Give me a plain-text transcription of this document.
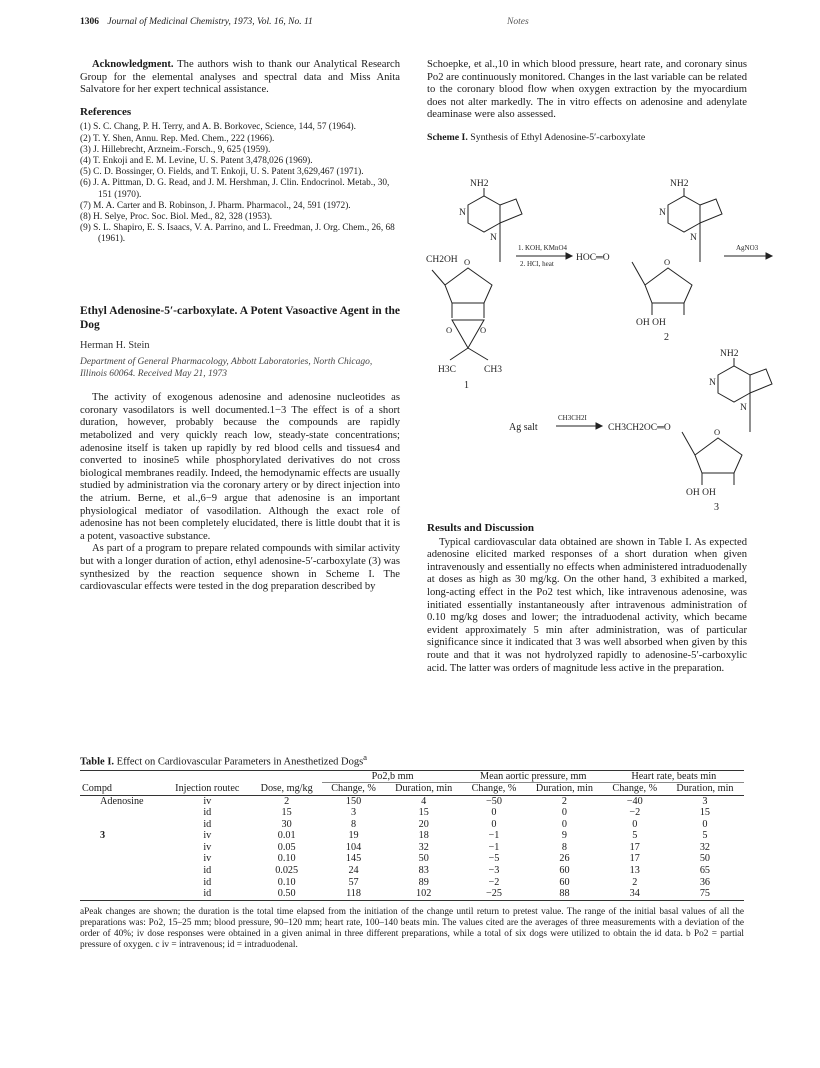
1306 Journal of Medicinal Chemistry, 1973, Vol. 16, No. 11	Notes

Acknowledgment. The authors wish to thank our Analytical Research Group for the elemental analyses and spectral data and Miss Anita Salvatore for her expert technical assistance.

References
(1) S. C. Chang, P. H. Terry, and A. B. Borkovec, Science, 144, 57 (1964).
(2) T. Y. Shen, Annu. Rep. Med. Chem., 222 (1966).
(3) J. Hillebrecht, Arzneim.-Forsch., 9, 625 (1959).
(4) T. Enkoji and E. M. Levine, U. S. Patent 3,478,026 (1969).
(5) C. D. Bossinger, O. Fields, and T. Enkoji, U. S. Patent 3,629,467 (1971).
(6) J. A. Pittman, D. G. Read, and J. M. Hershman, J. Clin. Endocrinol. Metab., 30, 151 (1970).
(7) M. A. Carter and B. Robinson, J. Pharm. Pharmacol., 24, 591 (1972).
(8) H. Selye, Proc. Soc. Biol. Med., 82, 328 (1953).
(9) S. L. Shapiro, E. S. Isaacs, V. A. Parrino, and L. Freedman, J. Org. Chem., 26, 68 (1961).
Ethyl Adenosine-5′-carboxylate. A Potent Vasoactive Agent in the Dog
Herman H. Stein
Department of General Pharmacology, Abbott Laboratories, North Chicago, Illinois 60064. Received May 21, 1973

The activity of exogenous adenosine and adenosine nucleotides as coronary vasodilators is well documented.1−3 The effect is of a short duration, however, probably because the compounds are rapidly metabolized and very quickly reach low, steady-state concentrations; adenosine itself is taken up rapidly by red blood cells and tissues4 and converted to inosine5 while phosphorylated derivatives do not cross biological membranes readily. Indeed, the hemodynamic effects are usually studied by administration via the coronary artery or by direct injection into the atrium. Berne, et al.,6−9 argue that adenosine is an important physiological mediator of vasodilation. Although the exact role of adenosine has not been completely elucidated, there is little doubt that it is a potent, vasoactive substance.

As part of a program to prepare related compounds with similar activity but with a longer duration of action, ethyl adenosine-5′-carboxylate (3) was synthesized by the reaction sequence shown in Scheme I. The cardiovascular effects were tested in the dog preparation described by

Schoepke, et al.,10 in which blood pressure, heart rate, and coronary sinus Po2 are continuously monitored. Changes in the last variable can be related to the coronary blood flow when oxygen extraction by the myocardium does not alter markedly. The in vitro effects on adenosine and adenylate deaminase were also assessed.

Scheme I. Synthesis of Ethyl Adenosine-5′-carboxylate

NH2
N
N
CH2OH O
O	O
H3C	CH3
1
1. KOH, KMnO4
2. HCl, heat
NH2
N
N
HOC═O	O
OH OH
2
AgNO3
NH2
N
N
Ag salt
CH3CH2I
CH3CH2OC═O	O
OH OH
3
Results and Discussion

Typical cardiovascular data obtained are shown in Table I. As expected adenosine elicited marked responses of a short duration when given intravenously and essentially no effects when administered intraduodenally at doses as high as 30 mg/kg. On the other hand, 3 exhibited a marked, long-acting effect in the Po2 test which, like intravenous adenosine, was initiated essentially instantaneously after intravenous administration of 0.10 mg/kg doses and lower; the intraduodenal activity, which became evident approximately 5 min after administration, was of particular significance since it indicated that 3 was well absorbed when given by this route and that it was not hydrolyzed rapidly to adenosine-5′-carboxylic acid. The latter was orders of magnitude less active in the preparation.

Table I. Effect on Cardiovascular Parameters in Anesthetized Dogs$^a$
			Po2,b mm		Mean aortic pressure, mm		Heart rate, beats min	
Compd	Injection routec	Dose, mg/kg	Change, %	Duration, min	Change, %	Duration, min	Change, %	Duration, min
Adenosine	iv	2	150	4	−50	2	−40	3
	id	15	3	15	0	0	−2	15
	id	30	8	20	0	0	0	0
3	iv	0.01	19	18	−1	9	5	5
	iv	0.05	104	32	−1	8	17	32
	iv	0.10	145	50	−5	26	17	50
	id	0.025	24	83	−3	60	13	65
	id	0.10	57	89	−2	60	2	36
	id	0.50	118	102	−25	88	34	75

aPeak changes are shown; the duration is the total time elapsed from the initiation of the change until return to pretest value. The range of the initial basal values of all the preparations was: Po2, 15–25 mm; blood pressure, 90–120 mm; heart rate, 100–140 beats min. The values cited are the averages of three measurements with a deviation of the order of 40%; iv dose responses were obtained in a given animal in three different preparations, while a total of six dogs were utilized to obtain the id data. b Po2 = partial pressure of oxygen. c iv = intravenous; id = intraduodenal.
